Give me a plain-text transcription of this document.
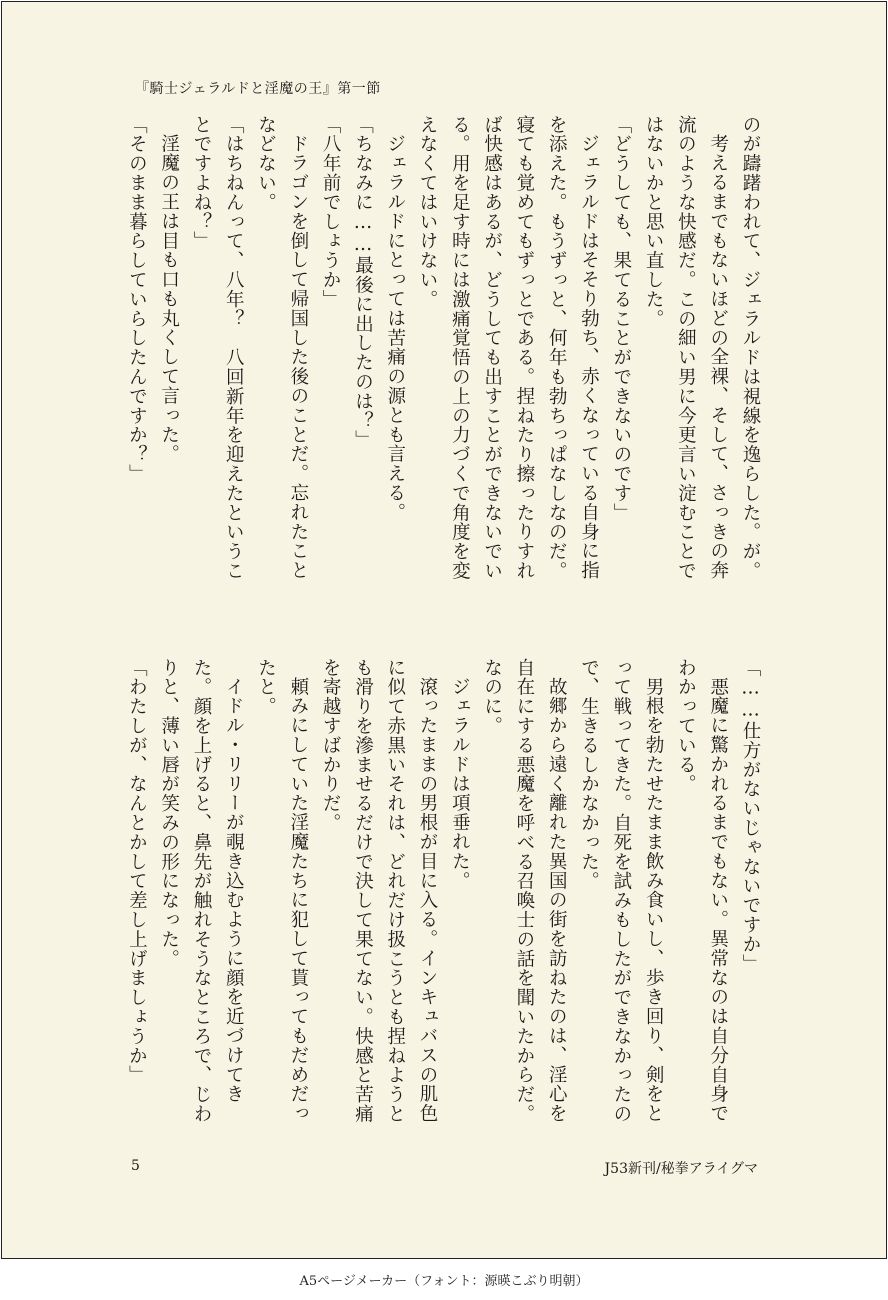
『騎士ジェラルドと淫魔の王』第一節

のが躊躇われて、ジェラルドは視線を逸らした。が。

考えるまでもないほどの全裸、そして、さっきの奔流のような快感だ。この細い男に今更言い淀むことではないかと思い直した。

「どうしても、果てることができないのです」

ジェラルドはそそり勃ち、赤くなっている自身に指を添えた。もうずっと、何年も勃ちっぱなしなのだ。寝ても覚めてもずっとである。捏ねたり擦ったりすれば快感はあるが、どうしても出すことができないでいる。用を足す時には激痛覚悟の上の力づくで角度を変えなくてはいけない。

ジェラルドにとっては苦痛の源とも言える。

「ちなみに……最後に出したのは？」

「八年前でしょうか」

ドラゴンを倒して帰国した後のことだ。忘れたことなどない。

「はちねんって、八年？　八回新年を迎えたということですよね？」

淫魔の王は目も口も丸くして言った。

「そのまま暮らしていらしたんですか？」

「……仕方がないじゃないですか」

悪魔に驚かれるまでもない。異常なのは自分自身でわかっている。

男根を勃たせたまま飲み食いし、歩き回り、剣をとって戦ってきた。自死を試みもしたができなかったので、生きるしかなかった。

故郷から遠く離れた異国の街を訪ねたのは、淫心を自在にする悪魔を呼べる召喚士の話を聞いたからだ。なのに。

ジェラルドは項垂れた。

滾ったままの男根が目に入る。インキュバスの肌色に似て赤黒いそれは、どれだけ扱こうとも捏ねようとも滑りを滲ませるだけで決して果てない。快感と苦痛を寄越すばかりだ。

頼みにしていた淫魔たちに犯して貰ってもだめだったと。

イドル・リリーが覗き込むように顔を近づけてきた。顔を上げると、鼻先が触れそうなところで、じわりと、薄い唇が笑みの形になった。

「わたしが、なんとかして差し上げましょうか」

5	J53新刊/秘拳アライグマ
A5ページメーカー（フォント：源暎こぶり明朝）
